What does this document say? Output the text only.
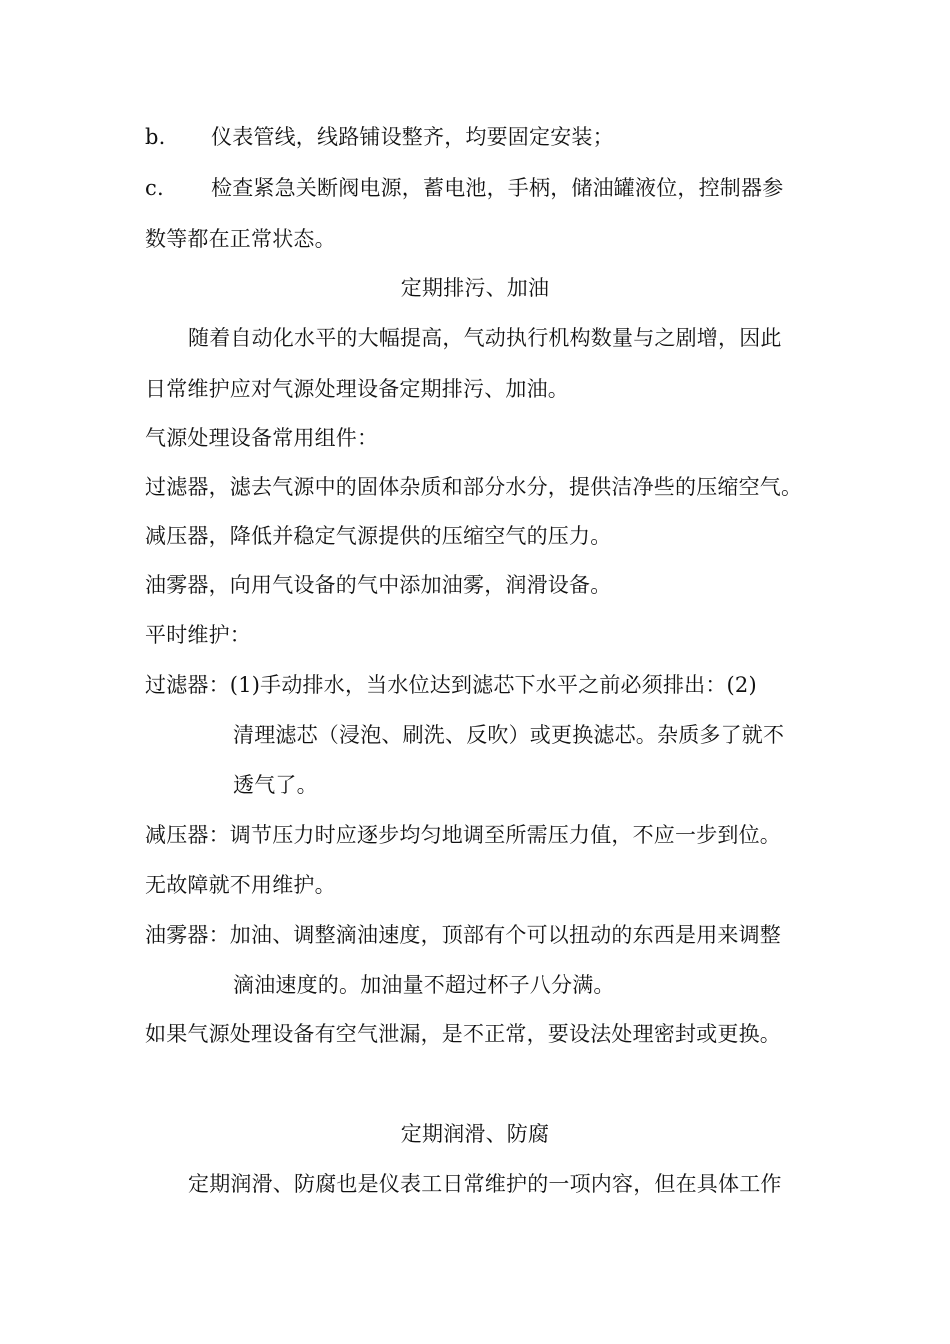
b. 仪表管线，线路铺设整齐，均要固定安装；
c. 检查紧急关断阀电源，蓄电池，手柄，储油罐液位，控制器参
数等都在正常状态。
定期排污、加油
随着自动化水平的大幅提高，气动执行机构数量与之剧增，因此
日常维护应对气源处理设备定期排污、加油。
气源处理设备常用组件：
过滤器，滤去气源中的固体杂质和部分水分，提供洁净些的压缩空气。
减压器，降低并稳定气源提供的压缩空气的压力。
油雾器，向用气设备的气中添加油雾，润滑设备。
平时维护：
过滤器：(1)手动排水，当水位达到滤芯下水平之前必须排出：(2)
清理滤芯（浸泡、刷洗、反吹）或更换滤芯。杂质多了就不
透气了。
减压器：调节压力时应逐步均匀地调至所需压力值，不应一步到位。
无故障就不用维护。
油雾器：加油、调整滴油速度，顶部有个可以扭动的东西是用来调整
滴油速度的。加油量不超过杯子八分满。
如果气源处理设备有空气泄漏，是不正常，要设法处理密封或更换。
定期润滑、防腐
定期润滑、防腐也是仪表工日常维护的一项内容，但在具体工作
